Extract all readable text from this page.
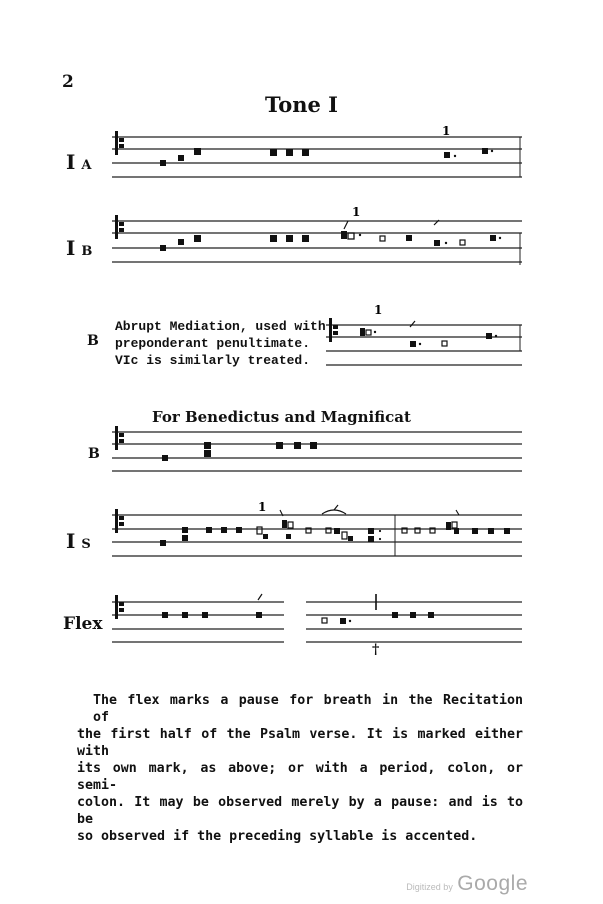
2
Tone I
I A
1
I B
1
Abrupt Mediation, used with
preponderant penultimate.
VIc is similarly treated.
B
1
For Benedictus and Magnificat
B
I S
1
Flex
†
The flex marks a pause for breath in the Recitation of
the first half of the Psalm verse. It is marked either with
its own mark, as above; or with a period, colon, or semi-
colon. It may be observed merely by a pause: and is to be
so observed if the preceding syllable is accented.
Digitized by Google
